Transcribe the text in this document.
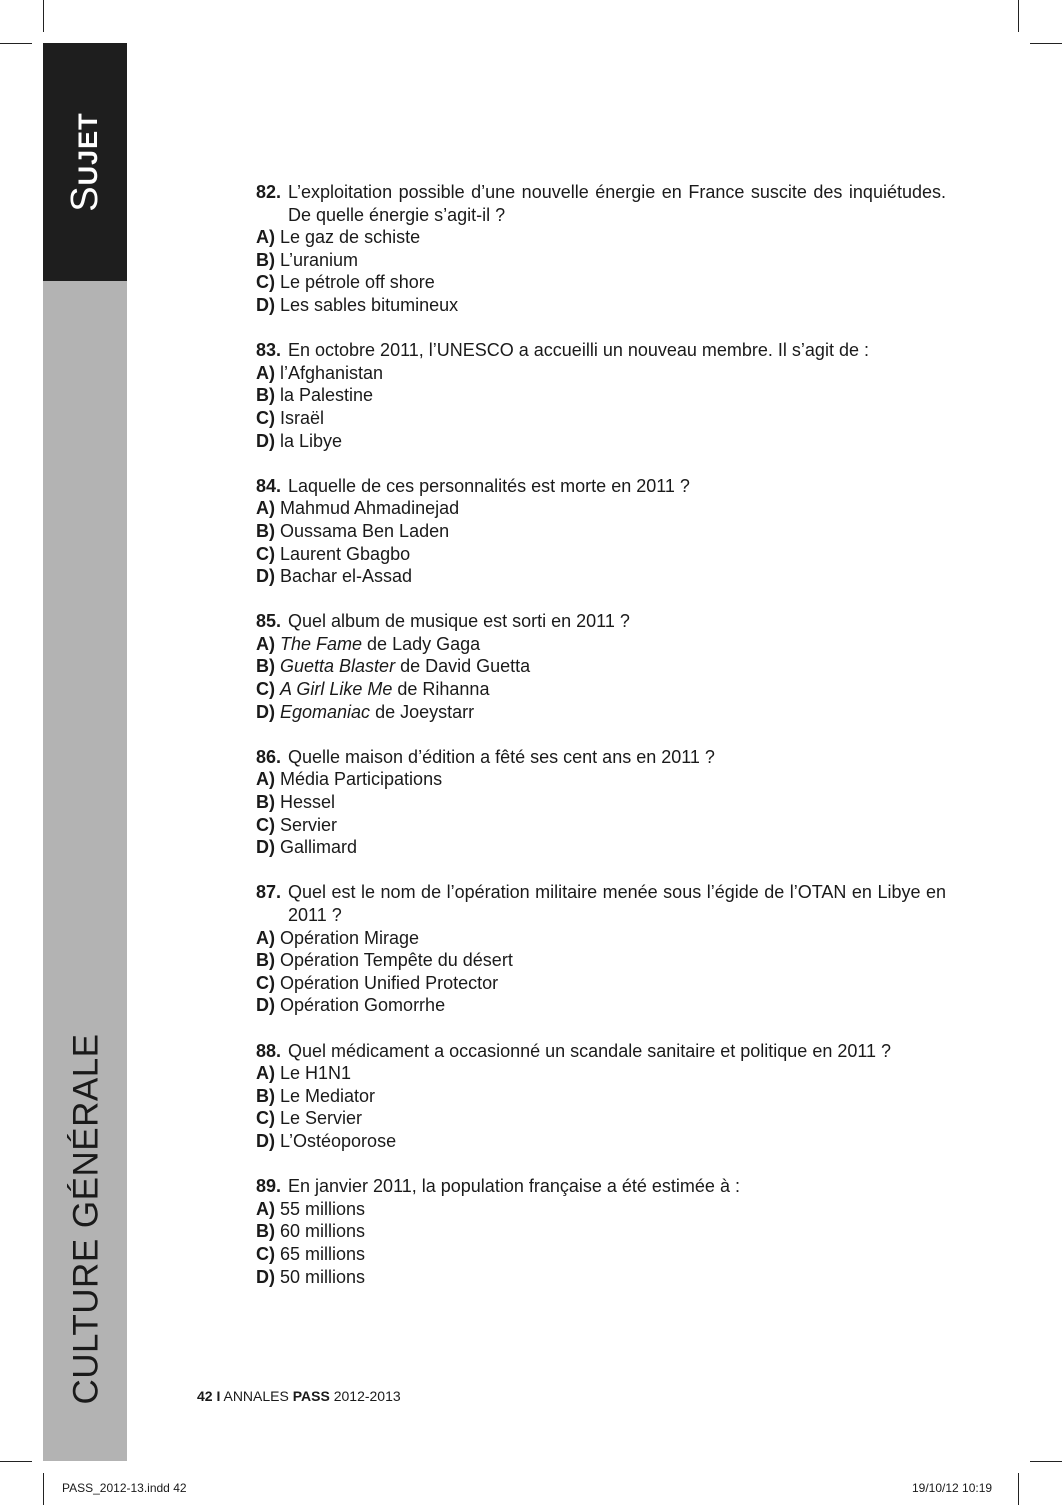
SUJET
CULTURE GÉNÉRALE
82. L’exploitation possible d’une nouvelle énergie en France suscite des inquiétudes. De quelle énergie s’agit-il ?
A) Le gaz de schiste
B) L’uranium
C) Le pétrole off shore
D) Les sables bitumineux
83. En octobre 2011, l’UNESCO a accueilli un nouveau membre. Il s’agit de :
A) l’Afghanistan
B) la Palestine
C) Israël
D) la Libye
84. Laquelle de ces personnalités est morte en 2011 ?
A) Mahmud Ahmadinejad
B) Oussama Ben Laden
C) Laurent Gbagbo
D) Bachar el-Assad
85. Quel album de musique est sorti en 2011 ?
A) The Fame de Lady Gaga
B) Guetta Blaster de David Guetta
C) A Girl Like Me de Rihanna
D) Egomaniac de Joeystarr
86. Quelle maison d’édition a fêté ses cent ans en 2011 ?
A) Média Participations
B) Hessel
C) Servier
D) Gallimard
87. Quel est le nom de l’opération militaire menée sous l’égide de l’OTAN en Libye en 2011 ?
A) Opération Mirage
B) Opération Tempête du désert
C) Opération Unified Protector
D) Opération Gomorrhe
88. Quel médicament a occasionné un scandale sanitaire et politique en 2011 ?
A) Le H1N1
B) Le Mediator
C) Le Servier
D) L’Ostéoporose
89. En janvier 2011, la population française a été estimée à :
A) 55 millions
B) 60 millions
C) 65 millions
D) 50 millions
42 I ANNALES PASS 2012-2013
PASS_2012-13.indd 42	19/10/12 10:19
